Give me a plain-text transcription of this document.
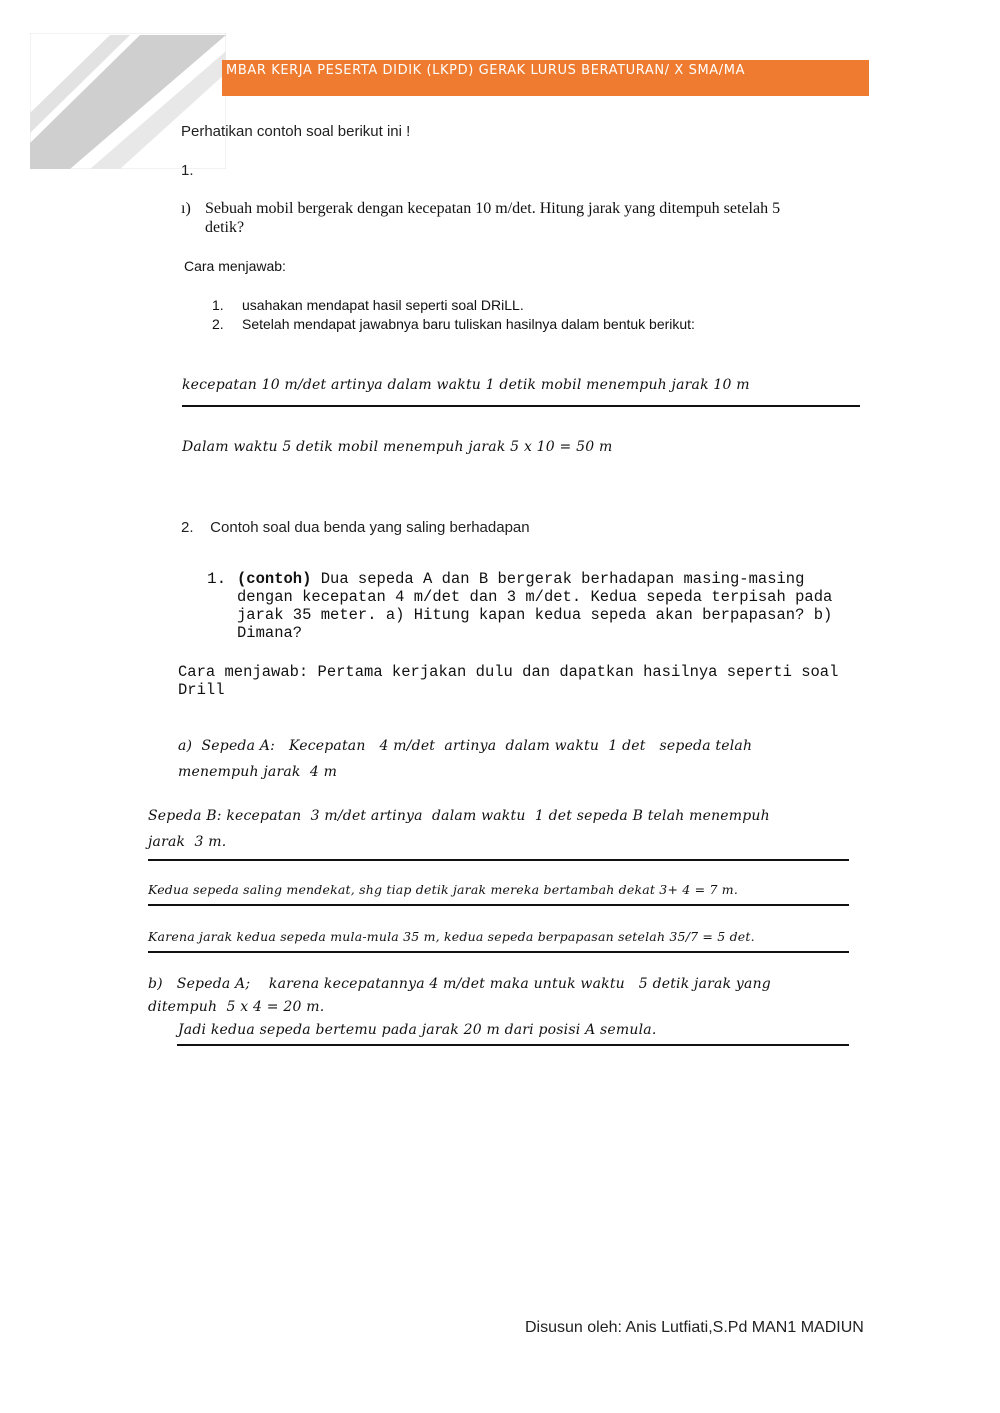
MBAR KERJA PESERTA DIDIK (LKPD) GERAK LURUS BERATURAN/ X SMA/MA
Perhatikan contoh soal berikut ini !
1.
ı) Sebuah mobil bergerak dengan kecepatan 10 m/det. Hitung jarak yang ditempuh setelah 5
detik?
Cara menjawab:
1. usahakan mendapat hasil seperti soal DRiLL.
2. Setelah mendapat jawabnya baru tuliskan hasilnya dalam bentuk berikut:
kecepatan 10 m/det artinya dalam waktu 1 detik mobil menempuh jarak 10 m
Dalam waktu 5 detik mobil menempuh jarak 5 x 10 = 50 m
2.    Contoh soal dua benda yang saling berhadapan
1. (contoh) Dua sepeda A dan B bergerak berhadapan masing-masing
dengan kecepatan 4 m/det dan 3 m/det. Kedua sepeda terpisah pada
jarak 35 meter. a) Hitung kapan kedua sepeda akan berpapasan? b)
Dimana?
Cara menjawab: Pertama kerjakan dulu dan dapatkan hasilnya seperti soal
Drill
a)  Sepeda A:   Kecepatan   4 m/det  artinya  dalam waktu  1 det   sepeda telah
menempuh jarak  4 m
Sepeda B: kecepatan  3 m/det artinya  dalam waktu  1 det sepeda B telah menempuh
jarak  3 m.
Kedua sepeda saling mendekat, shg tiap detik jarak mereka bertambah dekat 3+ 4 = 7 m.
Karena jarak kedua sepeda mula-mula 35 m, kedua sepeda berpapasan setelah 35/7 = 5 det.
b)   Sepeda A;    karena kecepatannya 4 m/det maka untuk waktu   5 detik jarak yang
ditempuh  5 x 4 = 20 m.
Jadi kedua sepeda bertemu pada jarak 20 m dari posisi A semula.
Disusun oleh: Anis Lutfiati,S.Pd MAN1 MADIUN
